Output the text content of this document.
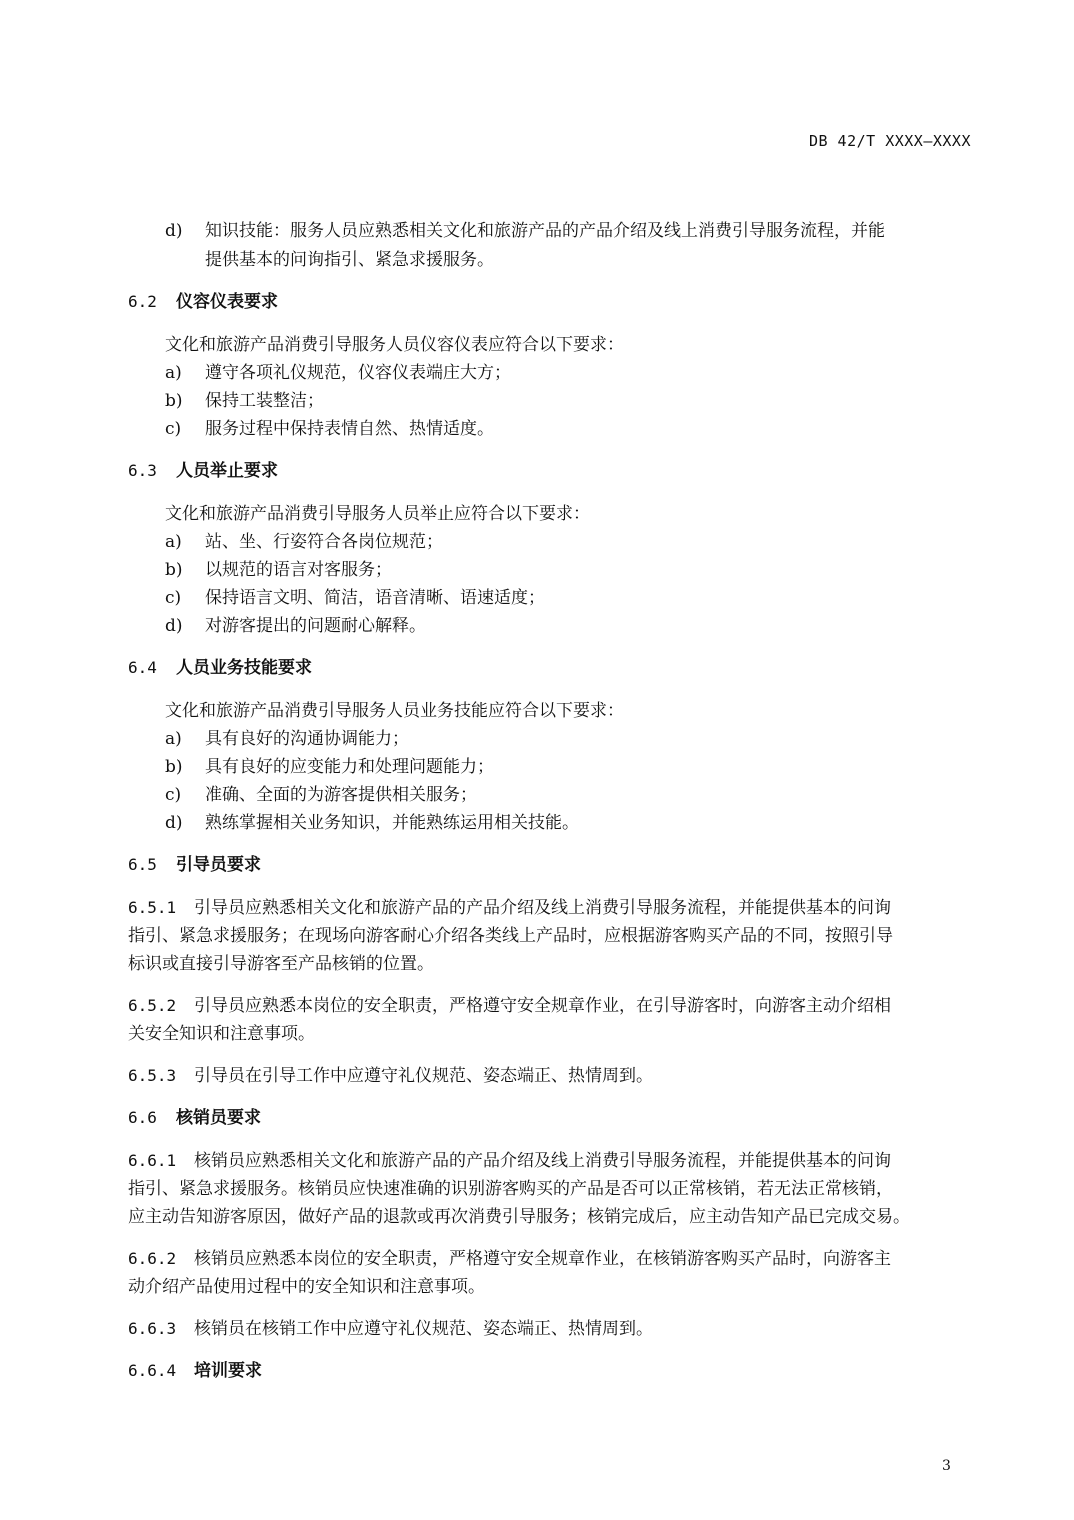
DB 42/T XXXX—XXXX
d) 知识技能：服务人员应熟悉相关文化和旅游产品的产品介绍及线上消费引导服务流程，并能
提供基本的问询指引、紧急求援服务。
6.2 仪容仪表要求
文化和旅游产品消费引导服务人员仪容仪表应符合以下要求：
a) 遵守各项礼仪规范，仪容仪表端庄大方；
b) 保持工装整洁；
c) 服务过程中保持表情自然、热情适度。
6.3 人员举止要求
文化和旅游产品消费引导服务人员举止应符合以下要求：
a) 站、坐、行姿符合各岗位规范；
b) 以规范的语言对客服务；
c) 保持语言文明、简洁，语音清晰、语速适度；
d) 对游客提出的问题耐心解释。
6.4 人员业务技能要求
文化和旅游产品消费引导服务人员业务技能应符合以下要求：
a) 具有良好的沟通协调能力；
b) 具有良好的应变能力和处理问题能力；
c) 准确、全面的为游客提供相关服务；
d) 熟练掌握相关业务知识，并能熟练运用相关技能。
6.5 引导员要求
6.5.1 引导员应熟悉相关文化和旅游产品的产品介绍及线上消费引导服务流程，并能提供基本的问询
指引、紧急求援服务；在现场向游客耐心介绍各类线上产品时，应根据游客购买产品的不同，按照引导
标识或直接引导游客至产品核销的位置。
6.5.2 引导员应熟悉本岗位的安全职责，严格遵守安全规章作业，在引导游客时，向游客主动介绍相
关安全知识和注意事项。
6.5.3 引导员在引导工作中应遵守礼仪规范、姿态端正、热情周到。
6.6 核销员要求
6.6.1 核销员应熟悉相关文化和旅游产品的产品介绍及线上消费引导服务流程，并能提供基本的问询
指引、紧急求援服务。核销员应快速准确的识别游客购买的产品是否可以正常核销，若无法正常核销，
应主动告知游客原因，做好产品的退款或再次消费引导服务；核销完成后，应主动告知产品已完成交易。
6.6.2 核销员应熟悉本岗位的安全职责，严格遵守安全规章作业，在核销游客购买产品时，向游客主
动介绍产品使用过程中的安全知识和注意事项。
6.6.3 核销员在核销工作中应遵守礼仪规范、姿态端正、热情周到。
6.6.4 培训要求
3
